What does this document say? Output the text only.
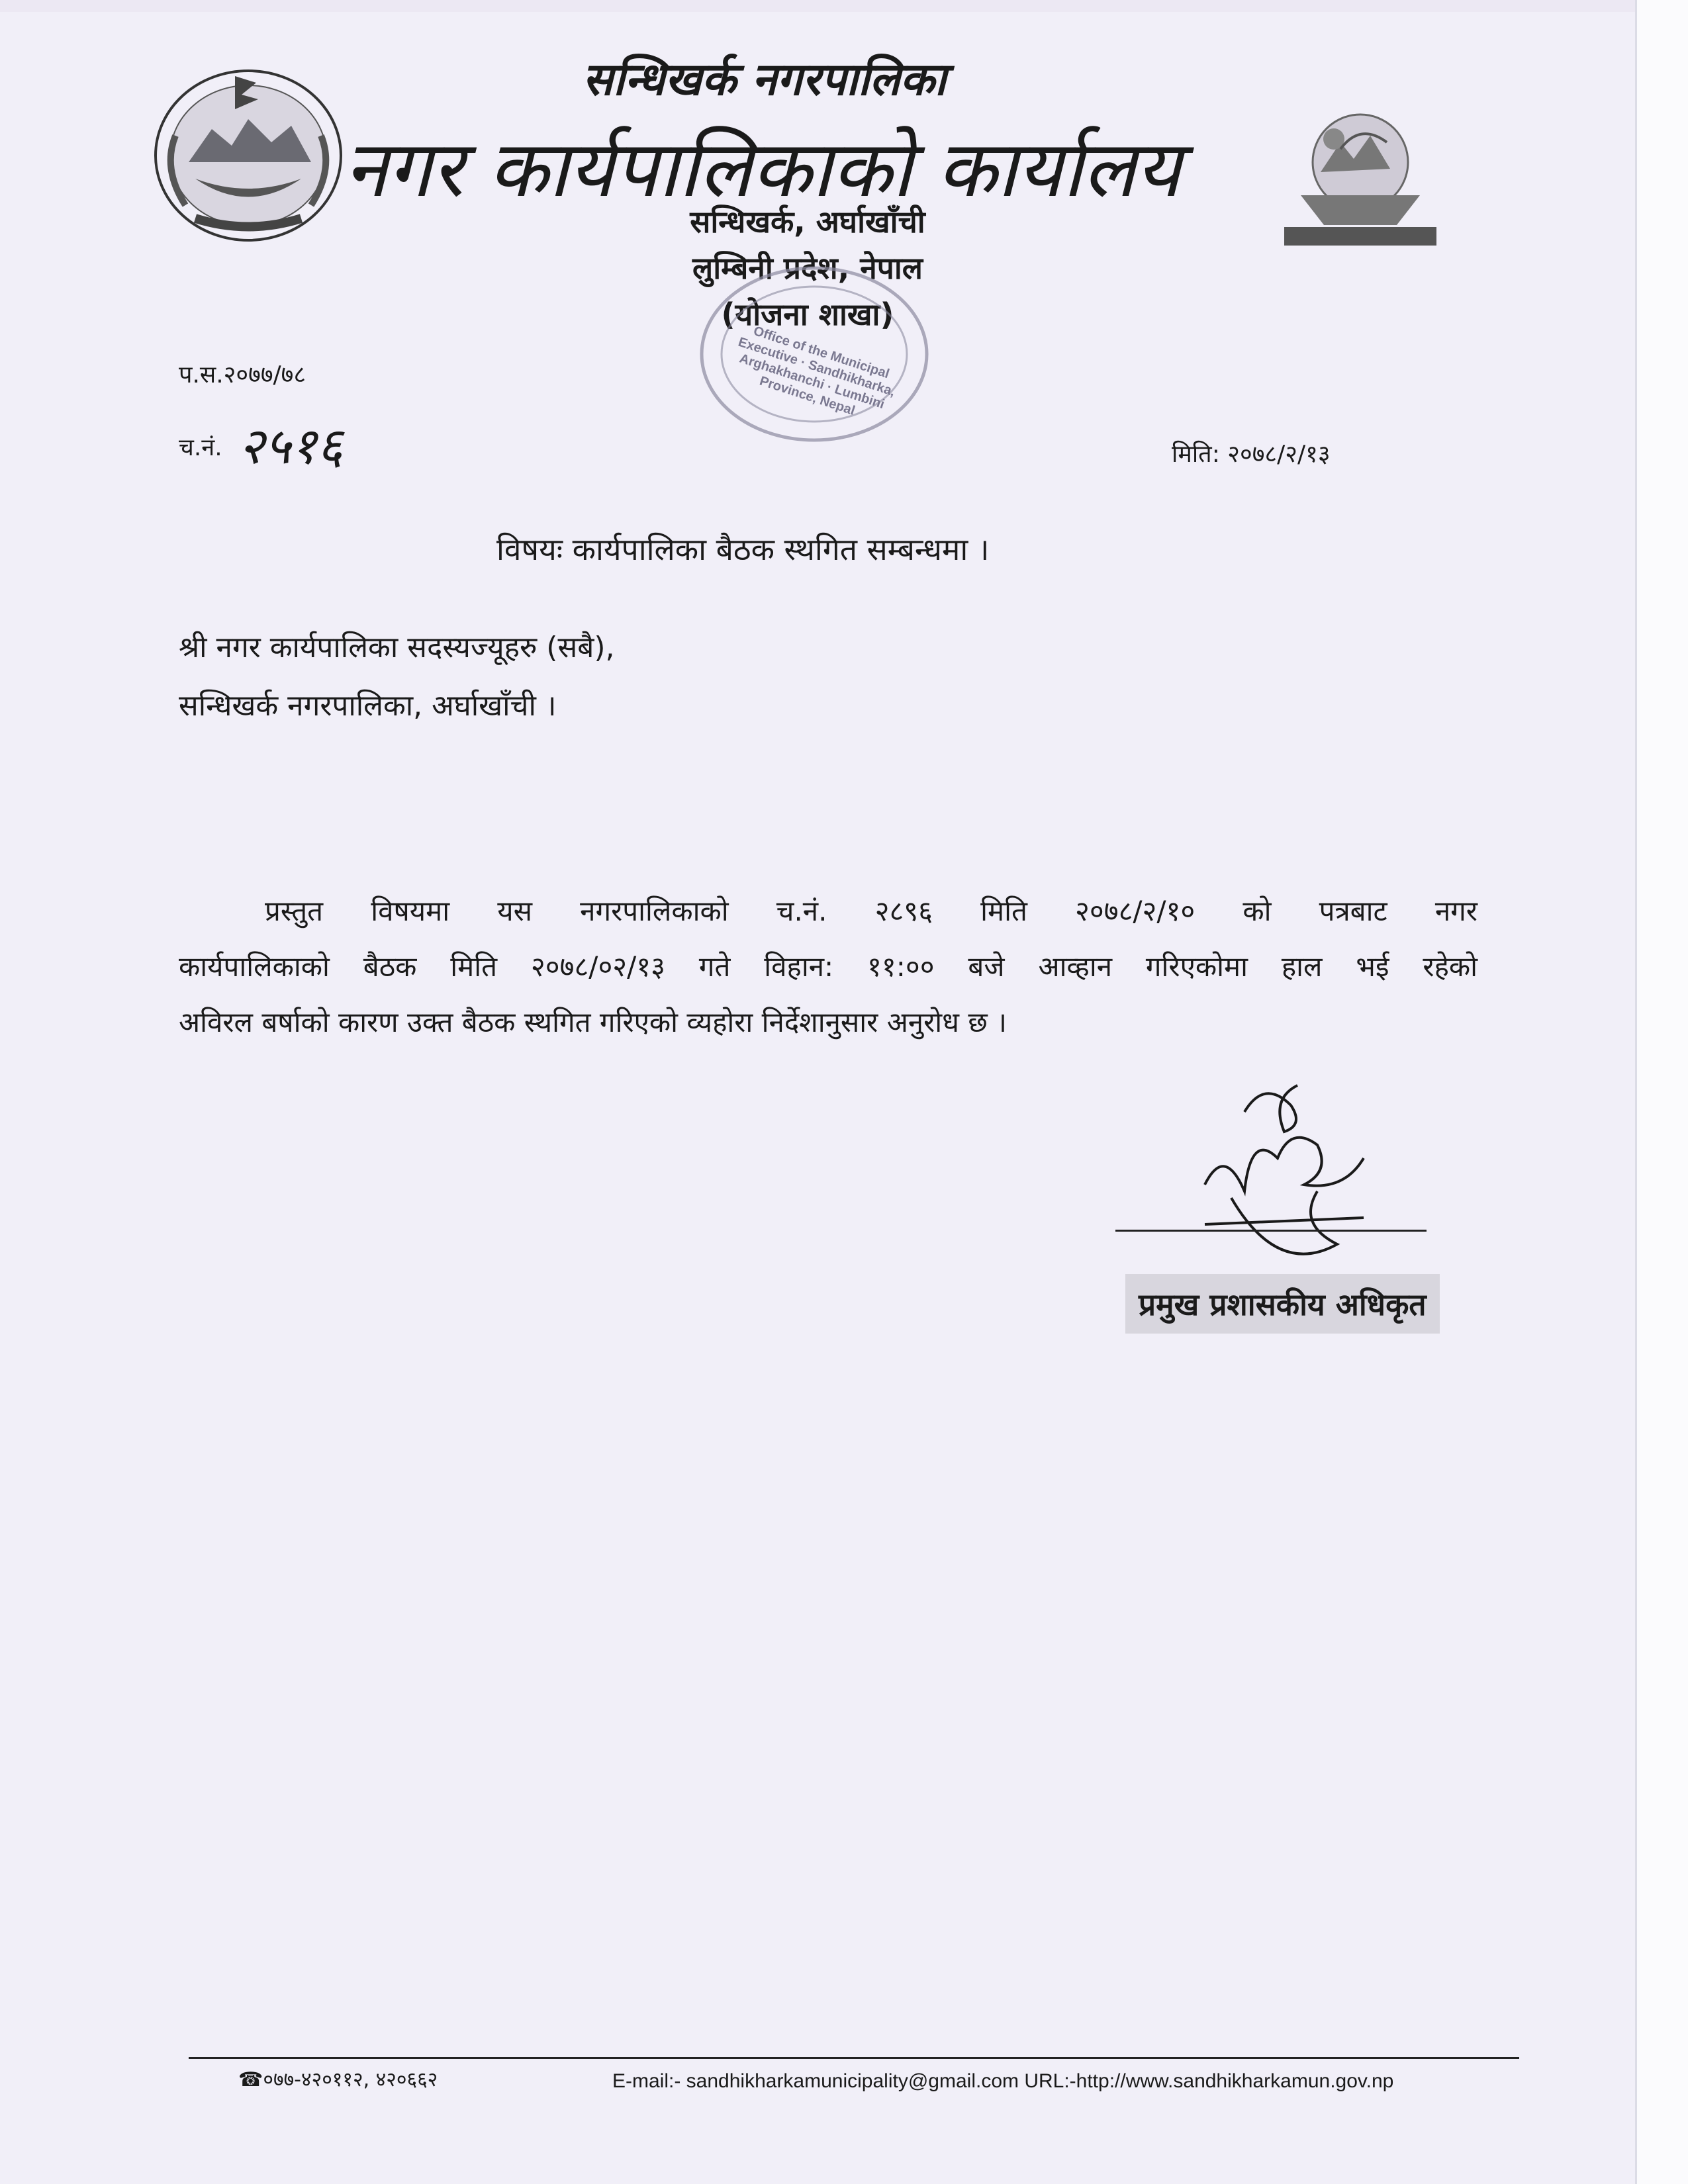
सन्धिखर्क नगरपालिका
नगर कार्यपालिकाको कार्यालय
सन्धिखर्क, अर्घाखाँची
लुम्बिनी प्रदेश, नेपाल
(योजना शाखा)
Office of the Municipal Executive · Sandhikharka, Arghakhanchi · Lumbini Province, Nepal
प.स.२०७७/७८
च.नं. २५१६	मिति: २०७८/२/१३
विषयः कार्यपालिका बैठक स्थगित सम्बन्धमा ।
श्री नगर कार्यपालिका सदस्यज्यूहरु (सबै),
सन्धिखर्क नगरपालिका, अर्घाखाँची ।
प्रस्तुत विषयमा यस नगरपालिकाको च.नं. २८९६ मिति २०७८/२/१० को पत्रबाट नगर
कार्यपालिकाको बैठक मिति २०७८/०२/१३ गते विहान: ११:०० बजे आव्हान गरिएकोमा हाल भई रहेको
अविरल बर्षाको कारण उक्त बैठक स्थगित गरिएको व्यहोरा निर्देशानुसार अनुरोध छ ।
प्रमुख प्रशासकीय अधिकृत
☎०७७-४२०११२, ४२०६६२	E-mail:- sandhikharkamunicipality@gmail.com URL:-http://www.sandhikharkamun.gov.np
